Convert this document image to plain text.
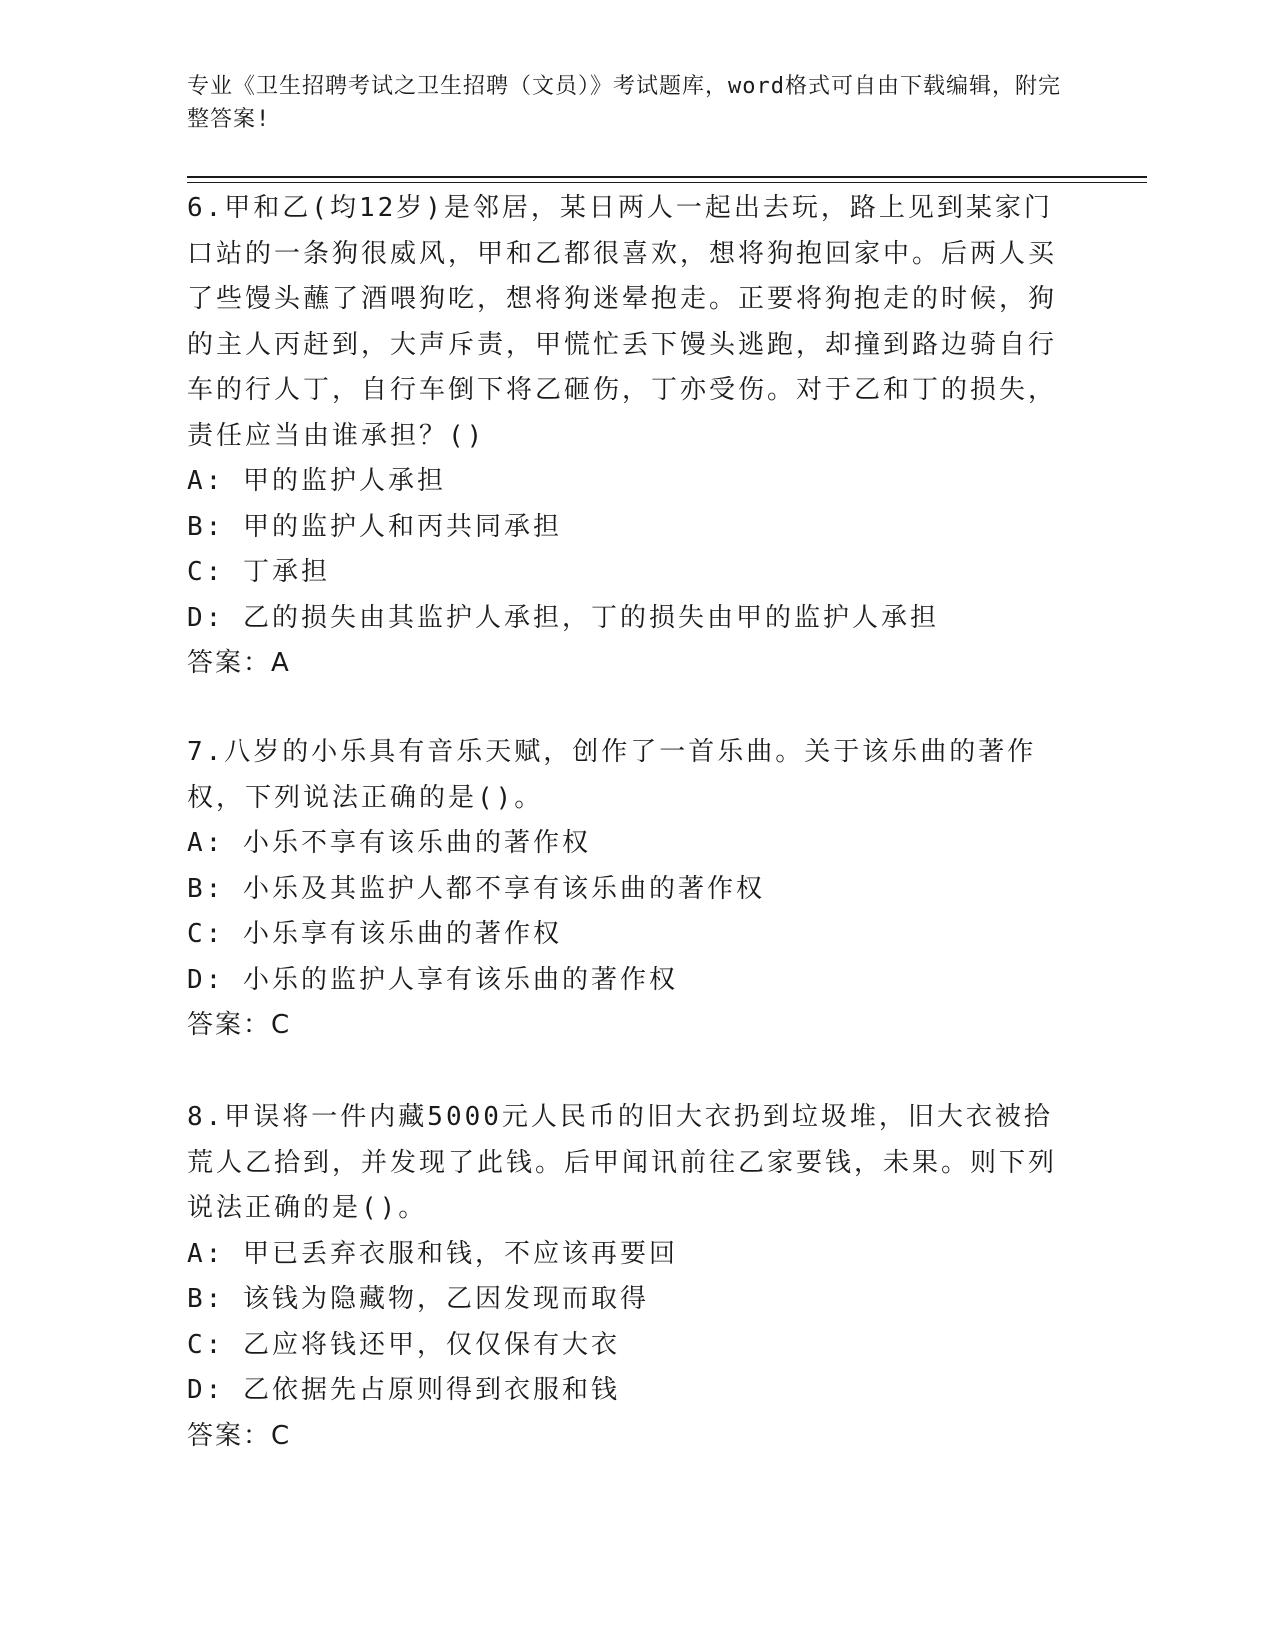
专业《卫生招聘考试之卫生招聘（文员）》考试题库，word格式可自由下载编辑，附完整答案!
6.甲和乙(均12岁)是邻居，某日两人一起出去玩，路上见到某家门口站的一条狗很威风，甲和乙都很喜欢，想将狗抱回家中。后两人买了些馒头蘸了酒喂狗吃，想将狗迷晕抱走。正要将狗抱走的时候，狗的主人丙赶到，大声斥责，甲慌忙丢下馒头逃跑，却撞到路边骑自行车的行人丁，自行车倒下将乙砸伤，丁亦受伤。对于乙和丁的损失，责任应当由谁承担？()
A: 甲的监护人承担
B: 甲的监护人和丙共同承担
C: 丁承担
D: 乙的损失由其监护人承担，丁的损失由甲的监护人承担
答案：A
7.八岁的小乐具有音乐天赋，创作了一首乐曲。关于该乐曲的著作权，下列说法正确的是()。
A: 小乐不享有该乐曲的著作权
B: 小乐及其监护人都不享有该乐曲的著作权
C: 小乐享有该乐曲的著作权
D: 小乐的监护人享有该乐曲的著作权
答案：C
8.甲误将一件内藏5000元人民币的旧大衣扔到垃圾堆，旧大衣被拾荒人乙拾到，并发现了此钱。后甲闻讯前往乙家要钱，未果。则下列说法正确的是()。
A: 甲已丢弃衣服和钱，不应该再要回
B: 该钱为隐藏物，乙因发现而取得
C: 乙应将钱还甲，仅仅保有大衣
D: 乙依据先占原则得到衣服和钱
答案：C
